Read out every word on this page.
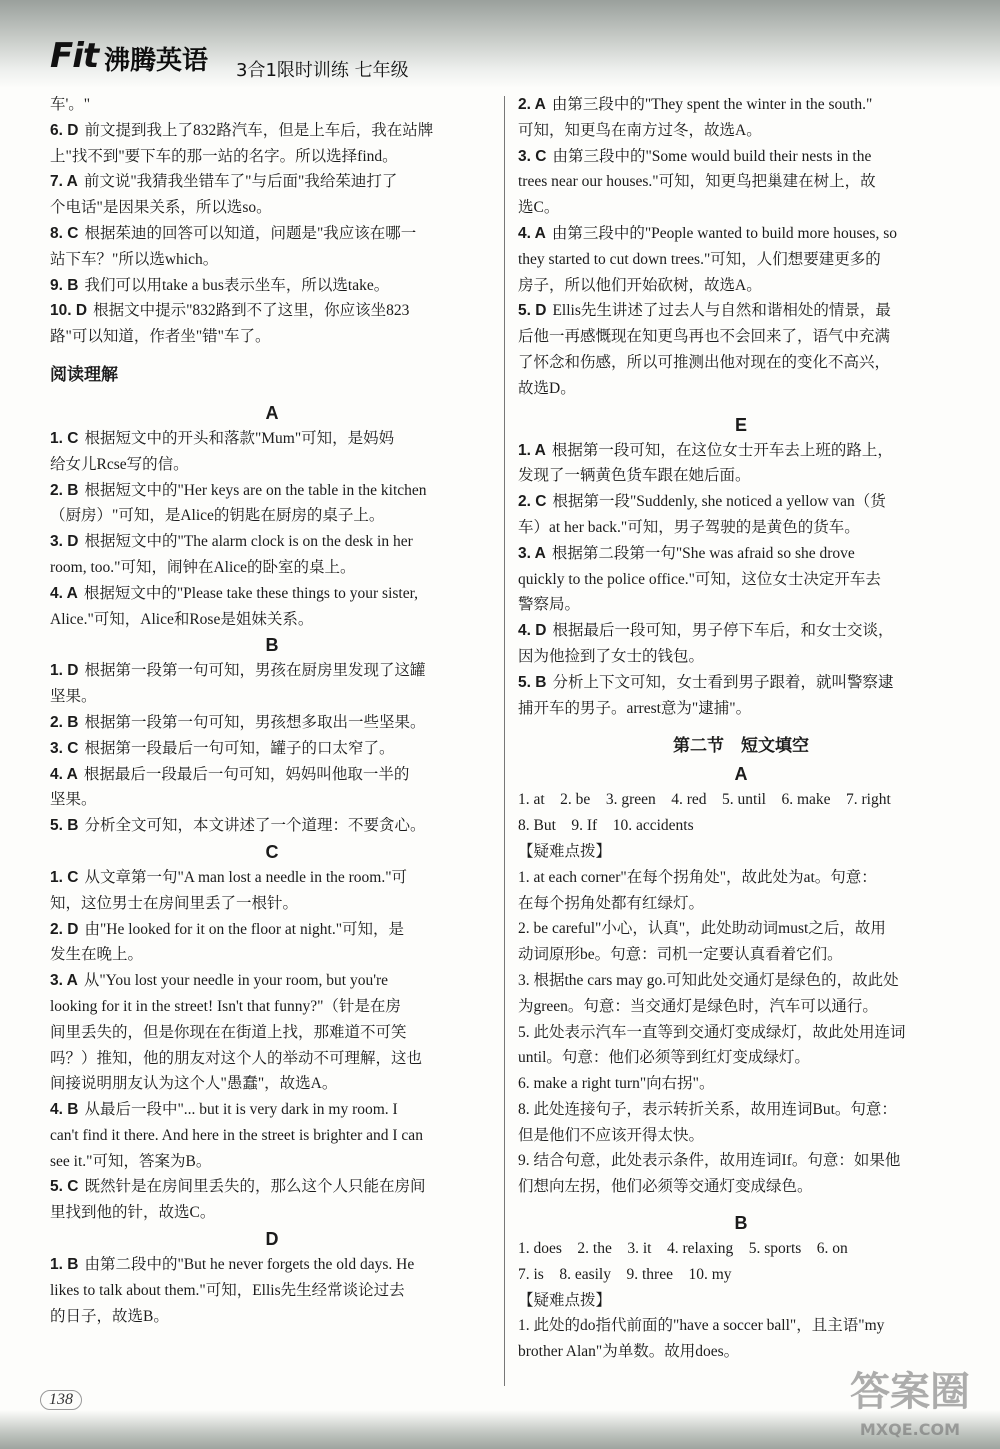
Fit 沸腾英语 3合1限时训练 七年级
车'。"
6. D 前文提到我上了832路汽车，但是上车后，我在站牌
上"找不到"要下车的那一站的名字。所以选择find。
7. A 前文说"我猜我坐错车了"与后面"我给茱迪打了
个电话"是因果关系，所以选so。
8. C 根据茱迪的回答可以知道，问题是"我应该在哪一
站下车？"所以选which。
9. B 我们可以用take a bus表示坐车，所以选take。
10. D 根据文中提示"832路到不了这里，你应该坐823
路"可以知道，作者坐"错"车了。
阅读理解
A
1. C 根据短文中的开头和落款"Mum"可知，是妈妈
给女儿Rcse写的信。
2. B 根据短文中的"Her keys are on the table in the kitchen
（厨房）"可知，是Alice的钥匙在厨房的桌子上。
3. D 根据短文中的"The alarm clock is on the desk in her
room, too."可知，闹钟在Alice的卧室的桌上。
4. A 根据短文中的"Please take these things to your sister,
Alice."可知，Alice和Rose是姐妹关系。
B
1. D 根据第一段第一句可知，男孩在厨房里发现了这罐
坚果。
2. B 根据第一段第一句可知，男孩想多取出一些坚果。
3. C 根据第一段最后一句可知，罐子的口太窄了。
4. A 根据最后一段最后一句可知，妈妈叫他取一半的
坚果。
5. B 分析全文可知，本文讲述了一个道理：不要贪心。
C
1. C 从文章第一句"A man lost a needle in the room."可
知，这位男士在房间里丢了一根针。
2. D 由"He looked for it on the floor at night."可知，是
发生在晚上。
3. A 从"You lost your needle in your room, but you're
looking for it in the street! Isn't that funny?"（针是在房
间里丢失的，但是你现在在街道上找，那难道不可笑
吗？）推知，他的朋友对这个人的举动不可理解，这也
间接说明朋友认为这个人"愚蠢"，故选A。
4. B 从最后一段中"... but it is very dark in my room. I
can't find it there. And here in the street is brighter and I can
see it."可知，答案为B。
5. C 既然针是在房间里丢失的，那么这个人只能在房间
里找到他的针，故选C。
D
1. B 由第二段中的"But he never forgets the old days. He
likes to talk about them."可知，Ellis先生经常谈论过去
的日子，故选B。
2. A 由第三段中的"They spent the winter in the south."
可知，知更鸟在南方过冬，故选A。
3. C 由第三段中的"Some would build their nests in the
trees near our houses."可知，知更鸟把巢建在树上，故
选C。
4. A 由第三段中的"People wanted to build more houses, so
they started to cut down trees."可知，人们想要建更多的
房子，所以他们开始砍树，故选A。
5. D Ellis先生讲述了过去人与自然和谐相处的情景，最
后他一再感慨现在知更鸟再也不会回来了，语气中充满
了怀念和伤感，所以可推测出他对现在的变化不高兴，
故选D。
E
1. A 根据第一段可知，在这位女士开车去上班的路上，
发现了一辆黄色货车跟在她后面。
2. C 根据第一段"Suddenly, she noticed a yellow van（货
车）at her back."可知，男子驾驶的是黄色的货车。
3. A 根据第二段第一句"She was afraid so she drove
quickly to the police office."可知，这位女士决定开车去
警察局。
4. D 根据最后一段可知，男子停下车后，和女士交谈，
因为他捡到了女士的钱包。
5. B 分析上下文可知，女士看到男子跟着，就叫警察逮
捕开车的男子。arrest意为"逮捕"。
第二节　短文填空
A
1. at　2. be　3. green　4. red　5. until　6. make　7. right
8. But　9. If　10. accidents
【疑难点拨】
1. at each corner"在每个拐角处"，故此处为at。句意：
在每个拐角处都有红绿灯。
2. be careful"小心，认真"，此处助动词must之后，故用
动词原形be。句意：司机一定要认真看着它们。
3. 根据the cars may go.可知此处交通灯是绿色的，故此处
为green。句意：当交通灯是绿色时，汽车可以通行。
5. 此处表示汽车一直等到交通灯变成绿灯，故此处用连词
until。句意：他们必须等到红灯变成绿灯。
6. make a right turn"向右拐"。
8. 此处连接句子，表示转折关系，故用连词But。句意：
但是他们不应该开得太快。
9. 结合句意，此处表示条件，故用连词If。句意：如果他
们想向左拐，他们必须等交通灯变成绿色。
B
1. does　2. the　3. it　4. relaxing　5. sports　6. on
7. is　8. easily　9. three　10. my
【疑难点拨】
1. 此处的do指代前面的"have a soccer ball"，且主语"my
brother Alan"为单数。故用does。
138	答案圈
MXQE.COM
